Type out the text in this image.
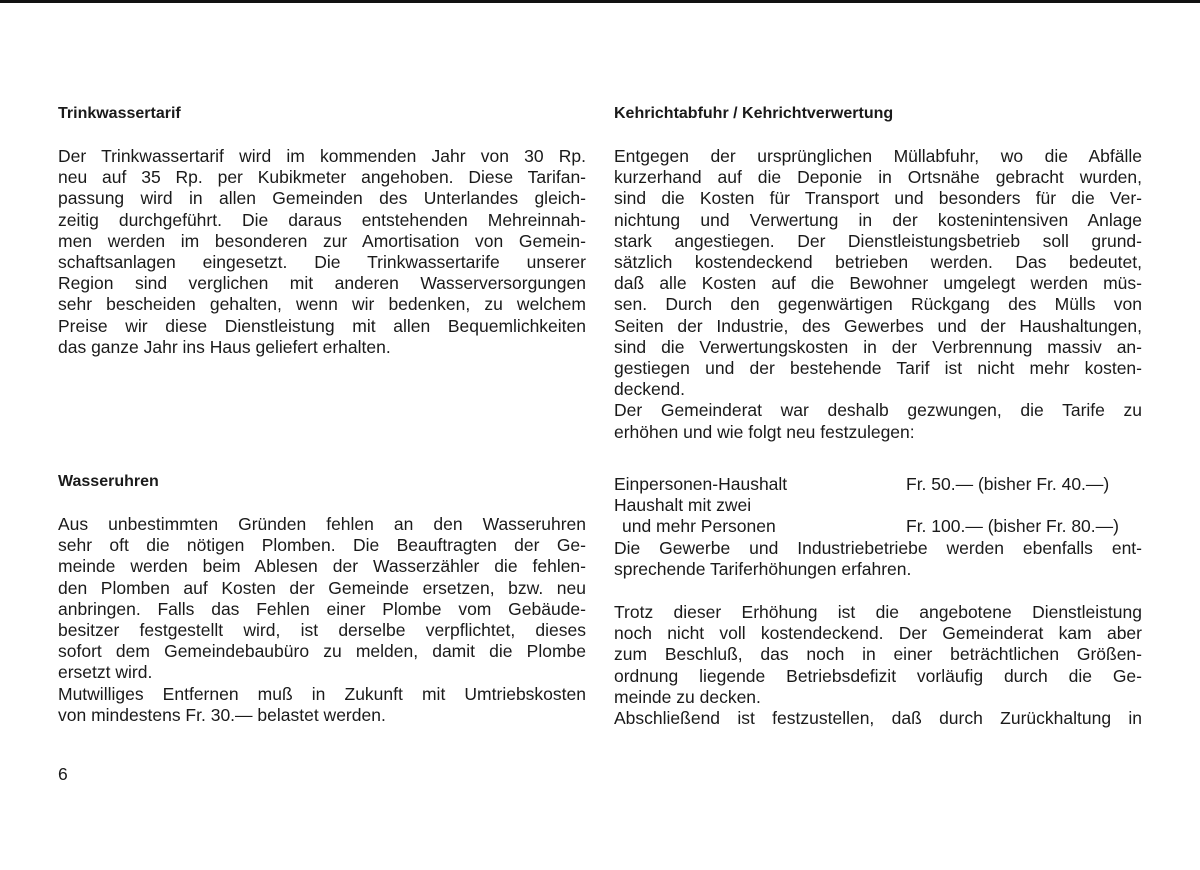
Trinkwassertarif

Der Trinkwassertarif wird im kommenden Jahr von 30 Rp.
neu auf 35 Rp. per Kubikmeter angehoben. Diese Tarifan-
passung wird in allen Gemeinden des Unterlandes gleich-
zeitig durchgeführt. Die daraus entstehenden Mehreinnah-
men werden im besonderen zur Amortisation von Gemein-
schaftsanlagen eingesetzt. Die Trinkwassertarife unserer
Region sind verglichen mit anderen Wasserversorgungen
sehr bescheiden gehalten, wenn wir bedenken, zu welchem
Preise wir diese Dienstleistung mit allen Bequemlichkeiten
das ganze Jahr ins Haus geliefert erhalten.

Wasseruhren

Aus unbestimmten Gründen fehlen an den Wasseruhren
sehr oft die nötigen Plomben. Die Beauftragten der Ge-
meinde werden beim Ablesen der Wasserzähler die fehlen-
den Plomben auf Kosten der Gemeinde ersetzen, bzw. neu
anbringen. Falls das Fehlen einer Plombe vom Gebäude-
besitzer festgestellt wird, ist derselbe verpflichtet, dieses
sofort dem Gemeindebaubüro zu melden, damit die Plombe
ersetzt wird.
Mutwilliges Entfernen muß in Zukunft mit Umtriebskosten
von mindestens Fr. 30.— belastet werden.

Kehrichtabfuhr / Kehrichtverwertung

Entgegen der ursprünglichen Müllabfuhr, wo die Abfälle
kurzerhand auf die Deponie in Ortsnähe gebracht wurden,
sind die Kosten für Transport und besonders für die Ver-
nichtung und Verwertung in der kostenintensiven Anlage
stark angestiegen. Der Dienstleistungsbetrieb soll grund-
sätzlich kostendeckend betrieben werden. Das bedeutet,
daß alle Kosten auf die Bewohner umgelegt werden müs-
sen. Durch den gegenwärtigen Rückgang des Mülls von
Seiten der Industrie, des Gewerbes und der Haushaltungen,
sind die Verwertungskosten in der Verbrennung massiv an-
gestiegen und der bestehende Tarif ist nicht mehr kosten-
deckend.
Der Gemeinderat war deshalb gezwungen, die Tarife zu
erhöhen und wie folgt neu festzulegen:

Einpersonen-Haushalt	Fr. 50.— (bisher Fr. 40.—)
Haushalt mit zwei
und mehr Personen	Fr. 100.— (bisher Fr. 80.—)

Die Gewerbe und Industriebetriebe werden ebenfalls ent-
sprechende Tariferhöhungen erfahren.

Trotz dieser Erhöhung ist die angebotene Dienstleistung
noch nicht voll kostendeckend. Der Gemeinderat kam aber
zum Beschluß, das noch in einer beträchtlichen Größen-
ordnung liegende Betriebsdefizit vorläufig durch die Ge-
meinde zu decken.
Abschließend ist festzustellen, daß durch Zurückhaltung in

6
